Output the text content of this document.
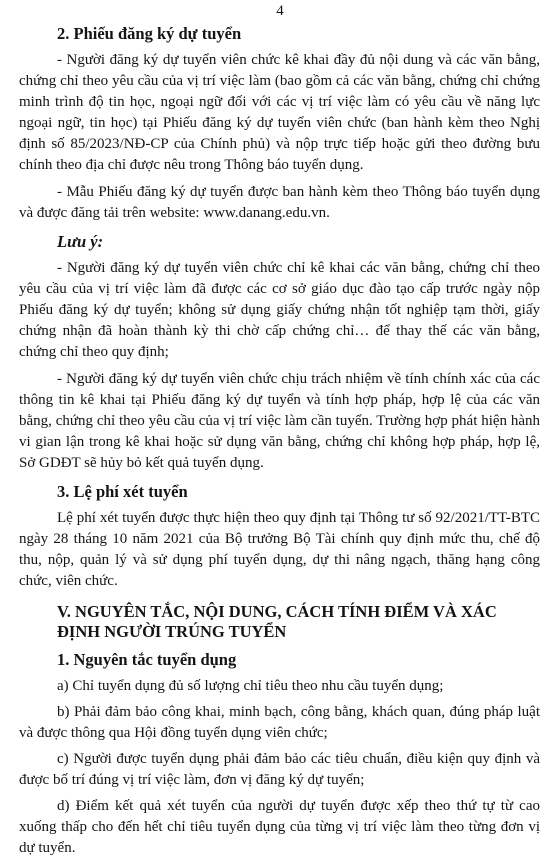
4
2. Phiếu đăng ký dự tuyển

- Người đăng ký dự tuyển viên chức kê khai đầy đủ nội dung và các văn bằng, chứng chỉ theo yêu cầu của vị trí việc làm (bao gồm cả các văn bằng, chứng chỉ chứng minh trình độ tin học, ngoại ngữ đối với các vị trí việc làm có yêu cầu về năng lực ngoại ngữ, tin học) tại Phiếu đăng ký dự tuyển viên chức (ban hành kèm theo Nghị định số 85/2023/NĐ-CP của Chính phủ) và nộp trực tiếp hoặc gửi theo đường bưu chính theo địa chỉ được nêu trong Thông báo tuyển dụng.

- Mẫu Phiếu đăng ký dự tuyển được ban hành kèm theo Thông báo tuyển dụng và được đăng tải trên website: www.danang.edu.vn.

Lưu ý:

- Người đăng ký dự tuyển viên chức chỉ kê khai các văn bằng, chứng chỉ theo yêu cầu của vị trí việc làm đã được các cơ sở giáo dục đào tạo cấp trước ngày nộp Phiếu đăng ký dự tuyển; không sử dụng giấy chứng nhận tốt nghiệp tạm thời, giấy chứng nhận đã hoàn thành kỳ thi chờ cấp chứng chỉ… để thay thế các văn bằng, chứng chỉ theo quy định;

- Người đăng ký dự tuyển viên chức chịu trách nhiệm về tính chính xác của các thông tin kê khai tại Phiếu đăng ký dự tuyển và tính hợp pháp, hợp lệ của các văn bằng, chứng chỉ theo yêu cầu của vị trí việc làm cần tuyển. Trường hợp phát hiện hành vi gian lận trong kê khai hoặc sử dụng văn bằng, chứng chỉ không hợp pháp, hợp lệ, Sở GDĐT sẽ hủy bỏ kết quả tuyển dụng.

3. Lệ phí xét tuyển

Lệ phí xét tuyển được thực hiện theo quy định tại Thông tư số 92/2021/TT-BTC ngày 28 tháng 10 năm 2021 của Bộ trưởng Bộ Tài chính quy định mức thu, chế độ thu, nộp, quản lý và sử dụng phí tuyển dụng, dự thi nâng ngạch, thăng hạng công chức, viên chức.

V. NGUYÊN TẮC, NỘI DUNG, CÁCH TÍNH ĐIỂM VÀ XÁC ĐỊNH NGƯỜI TRÚNG TUYỂN
1. Nguyên tắc tuyển dụng

a) Chỉ tuyển dụng đủ số lượng chỉ tiêu theo nhu cầu tuyển dụng;

b) Phải đảm bảo công khai, minh bạch, công bằng, khách quan, đúng pháp luật và được thông qua Hội đồng tuyển dụng viên chức;

c) Người được tuyển dụng phải đảm bảo các tiêu chuẩn, điều kiện quy định và được bố trí đúng vị trí việc làm, đơn vị đăng ký dự tuyển;

d) Điểm kết quả xét tuyển của người dự tuyển được xếp theo thứ tự từ cao xuống thấp cho đến hết chỉ tiêu tuyển dụng của từng vị trí việc làm theo từng đơn vị dự tuyển.
